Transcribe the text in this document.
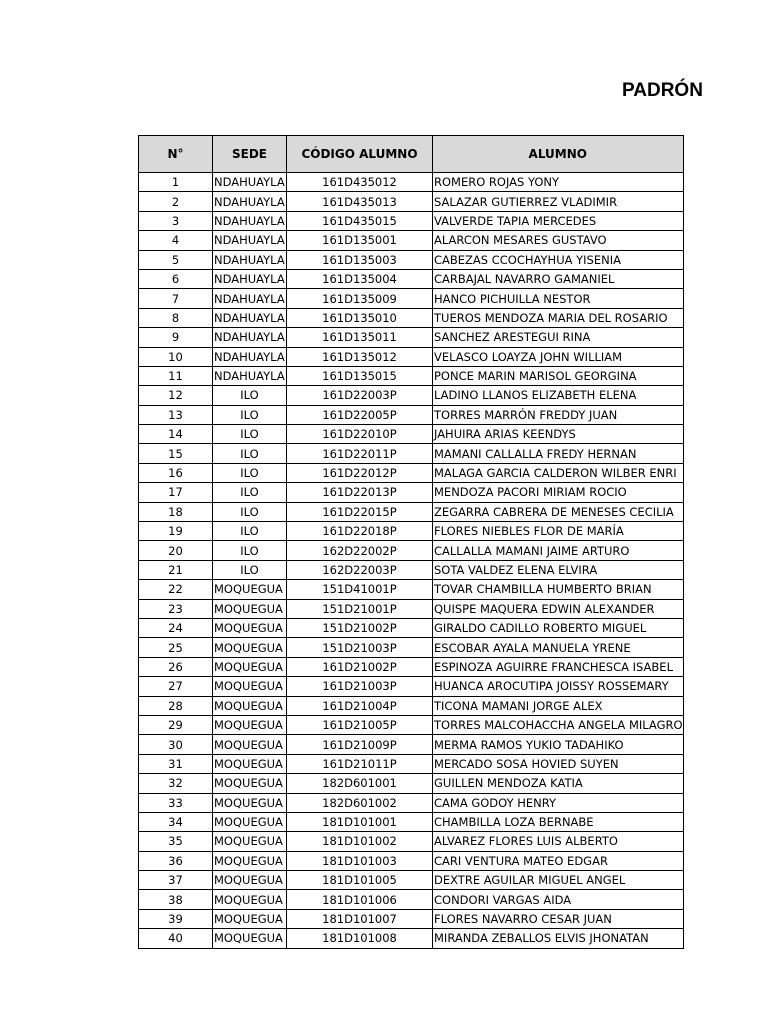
PADRÓN
N°	SEDE	CÓDIGO ALUMNO	ALUMNO
1	NDAHUAYLA	161D435012	ROMERO ROJAS YONY
2	NDAHUAYLA	161D435013	SALAZAR GUTIERREZ VLADIMIR
3	NDAHUAYLA	161D435015	VALVERDE TAPIA MERCEDES
4	NDAHUAYLA	161D135001	ALARCON MESARES GUSTAVO
5	NDAHUAYLA	161D135003	CABEZAS CCOCHAYHUA YISENIA
6	NDAHUAYLA	161D135004	CARBAJAL NAVARRO GAMANIEL
7	NDAHUAYLA	161D135009	HANCO PICHUILLA NESTOR
8	NDAHUAYLA	161D135010	TUEROS MENDOZA MARIA DEL ROSARIO
9	NDAHUAYLA	161D135011	SANCHEZ ARESTEGUI RINA
10	NDAHUAYLA	161D135012	VELASCO LOAYZA JOHN WILLIAM
11	NDAHUAYLA	161D135015	PONCE MARIN MARISOL GEORGINA
12	ILO	161D22003P	LADINO LLANOS ELIZABETH ELENA
13	ILO	161D22005P	TORRES MARRÓN FREDDY JUAN
14	ILO	161D22010P	JAHUIRA ARIAS KEENDYS
15	ILO	161D22011P	MAMANI CALLALLA FREDY HERNAN
16	ILO	161D22012P	MALAGA GARCIA CALDERON WILBER ENRI
17	ILO	161D22013P	MENDOZA PACORI MIRIAM ROCIO
18	ILO	161D22015P	ZEGARRA CABRERA DE MENESES CECILIA
19	ILO	161D22018P	FLORES NIEBLES FLOR DE MARÍA
20	ILO	162D22002P	CALLALLA MAMANI JAIME ARTURO
21	ILO	162D22003P	SOTA VALDEZ ELENA ELVIRA
22	MOQUEGUA	151D41001P	TOVAR CHAMBILLA HUMBERTO BRIAN
23	MOQUEGUA	151D21001P	QUISPE MAQUERA EDWIN ALEXANDER
24	MOQUEGUA	151D21002P	GIRALDO CADILLO ROBERTO MIGUEL
25	MOQUEGUA	151D21003P	ESCOBAR AYALA MANUELA YRENE
26	MOQUEGUA	161D21002P	ESPINOZA AGUIRRE FRANCHESCA ISABEL
27	MOQUEGUA	161D21003P	HUANCA AROCUTIPA JOISSY ROSSEMARY
28	MOQUEGUA	161D21004P	TICONA MAMANI JORGE ALEX
29	MOQUEGUA	161D21005P	TORRES MALCOHACCHA ANGELA MILAGRO
30	MOQUEGUA	161D21009P	MERMA RAMOS YUKIO TADAHIKO
31	MOQUEGUA	161D21011P	MERCADO SOSA HOVIED SUYEN
32	MOQUEGUA	182D601001	GUILLEN MENDOZA KATIA
33	MOQUEGUA	182D601002	CAMA GODOY HENRY
34	MOQUEGUA	181D101001	CHAMBILLA LOZA BERNABE
35	MOQUEGUA	181D101002	ALVAREZ FLORES LUIS ALBERTO
36	MOQUEGUA	181D101003	CARI VENTURA MATEO EDGAR
37	MOQUEGUA	181D101005	DEXTRE AGUILAR MIGUEL ANGEL
38	MOQUEGUA	181D101006	CONDORI VARGAS AIDA
39	MOQUEGUA	181D101007	FLORES NAVARRO CESAR JUAN
40	MOQUEGUA	181D101008	MIRANDA ZEBALLOS ELVIS JHONATAN
